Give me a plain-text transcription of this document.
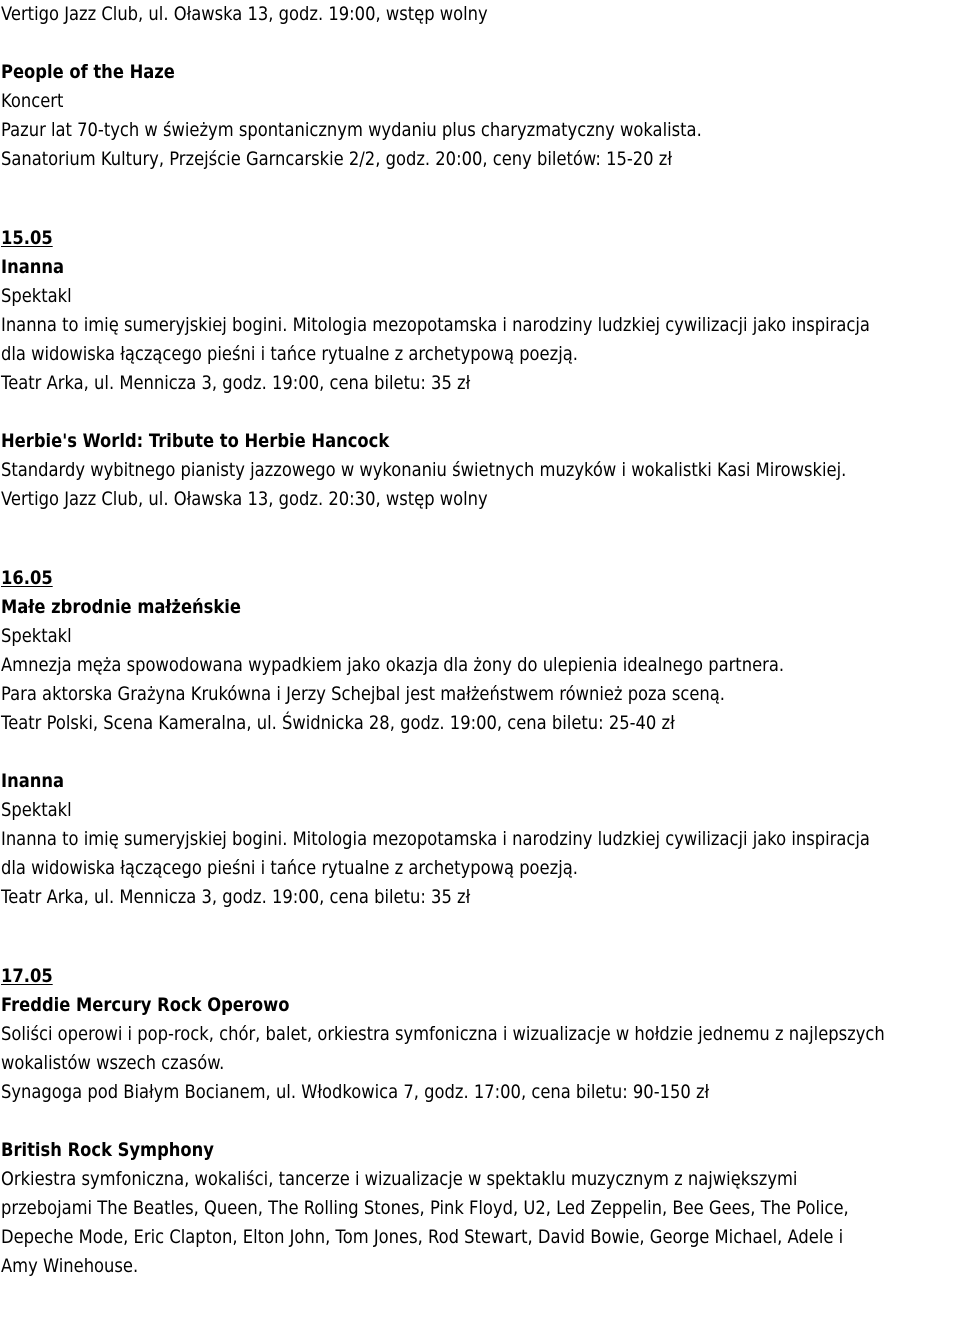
Vertigo Jazz Club, ul. Oławska 13, godz. 19:00, wstęp wolny
People of the Haze
Koncert
Pazur lat 70-tych w świeżym spontanicznym wydaniu plus charyzmatyczny wokalista.
Sanatorium Kultury, Przejście Garncarskie 2/2, godz. 20:00, ceny biletów: 15-20 zł
15.05
Inanna
Spektakl
Inanna to imię sumeryjskiej bogini. Mitologia mezopotamska i narodziny ludzkiej cywilizacji jako inspiracja
dla widowiska łączącego pieśni i tańce rytualne z archetypową poezją.
Teatr Arka, ul. Mennicza 3, godz. 19:00, cena biletu: 35 zł
Herbie's World: Tribute to Herbie Hancock
Standardy wybitnego pianisty jazzowego w wykonaniu świetnych muzyków i wokalistki Kasi Mirowskiej.
Vertigo Jazz Club, ul. Oławska 13, godz. 20:30, wstęp wolny
16.05
Małe zbrodnie małżeńskie
Spektakl
Amnezja męża spowodowana wypadkiem jako okazja dla żony do ulepienia idealnego partnera.
Para aktorska Grażyna Krukówna i Jerzy Schejbal jest małżeństwem również poza sceną.
Teatr Polski, Scena Kameralna, ul. Świdnicka 28, godz. 19:00, cena biletu: 25-40 zł
Inanna
Spektakl
Inanna to imię sumeryjskiej bogini. Mitologia mezopotamska i narodziny ludzkiej cywilizacji jako inspiracja
dla widowiska łączącego pieśni i tańce rytualne z archetypową poezją.
Teatr Arka, ul. Mennicza 3, godz. 19:00, cena biletu: 35 zł
17.05
Freddie Mercury Rock Operowo
Soliści operowi i pop-rock, chór, balet, orkiestra symfoniczna i wizualizacje w hołdzie jednemu z najlepszych
wokalistów wszech czasów.
Synagoga pod Białym Bocianem, ul. Włodkowica 7, godz. 17:00, cena biletu: 90-150 zł
British Rock Symphony
Orkiestra symfoniczna, wokaliści, tancerze i wizualizacje w spektaklu muzycznym z największymi
przebojami The Beatles, Queen, The Rolling Stones, Pink Floyd, U2, Led Zeppelin, Bee Gees, The Police,
Depeche Mode, Eric Clapton, Elton John, Tom Jones, Rod Stewart, David Bowie, George Michael, Adele i
Amy Winehouse.
